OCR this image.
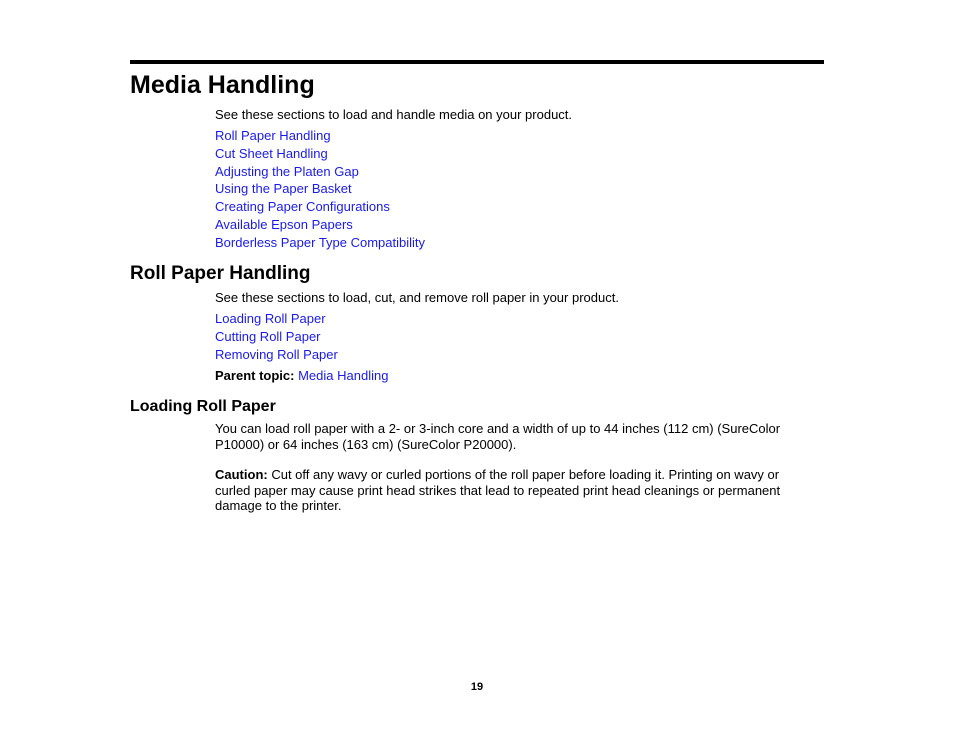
Media Handling
See these sections to load and handle media on your product.
Roll Paper Handling
Cut Sheet Handling
Adjusting the Platen Gap
Using the Paper Basket
Creating Paper Configurations
Available Epson Papers
Borderless Paper Type Compatibility
Roll Paper Handling
See these sections to load, cut, and remove roll paper in your product.
Loading Roll Paper
Cutting Roll Paper
Removing Roll Paper
Parent topic: Media Handling
Loading Roll Paper
You can load roll paper with a 2- or 3-inch core and a width of up to 44 inches (112 cm) (SureColor P10000) or 64 inches (163 cm) (SureColor P20000).
Caution: Cut off any wavy or curled portions of the roll paper before loading it. Printing on wavy or curled paper may cause print head strikes that lead to repeated print head cleanings or permanent damage to the printer.
19
